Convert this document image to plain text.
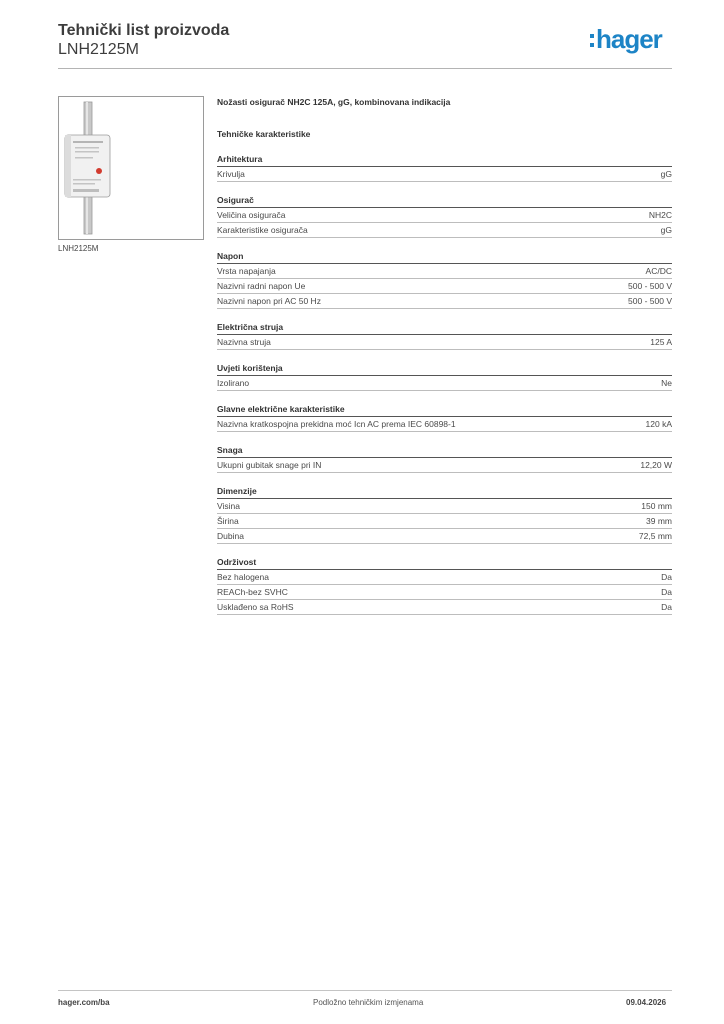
Tehnički list proizvoda
LNH2125M	hager
LNH2125M
Nožasti osigurač NH2C 125A, gG, kombinovana indikacija
Tehničke karakteristike
Arhitektura
Krivulja	gG
Osigurač
Veličina osigurača	NH2C
Karakteristike osigurača	gG
Napon
Vrsta napajanja	AC/DC
Nazivni radni napon Ue	500 - 500 V
Nazivni napon pri AC 50 Hz	500 - 500 V
Električna struja
Nazivna struja	125 A
Uvjeti korištenja
Izolirano	Ne
Glavne električne karakteristike
Nazivna kratkospojna prekidna moć Icn AC prema IEC 60898-1	120 kA
Snaga
Ukupni gubitak snage pri IN	12,20 W
Dimenzije
Visina	150 mm
Širina	39 mm
Dubina	72,5 mm
Održivost
Bez halogena	Da
REACh-bez SVHC	Da
Usklađeno sa RoHS	Da
hager.com/ba	Podložno tehničkim izmjenama	09.04.2026
